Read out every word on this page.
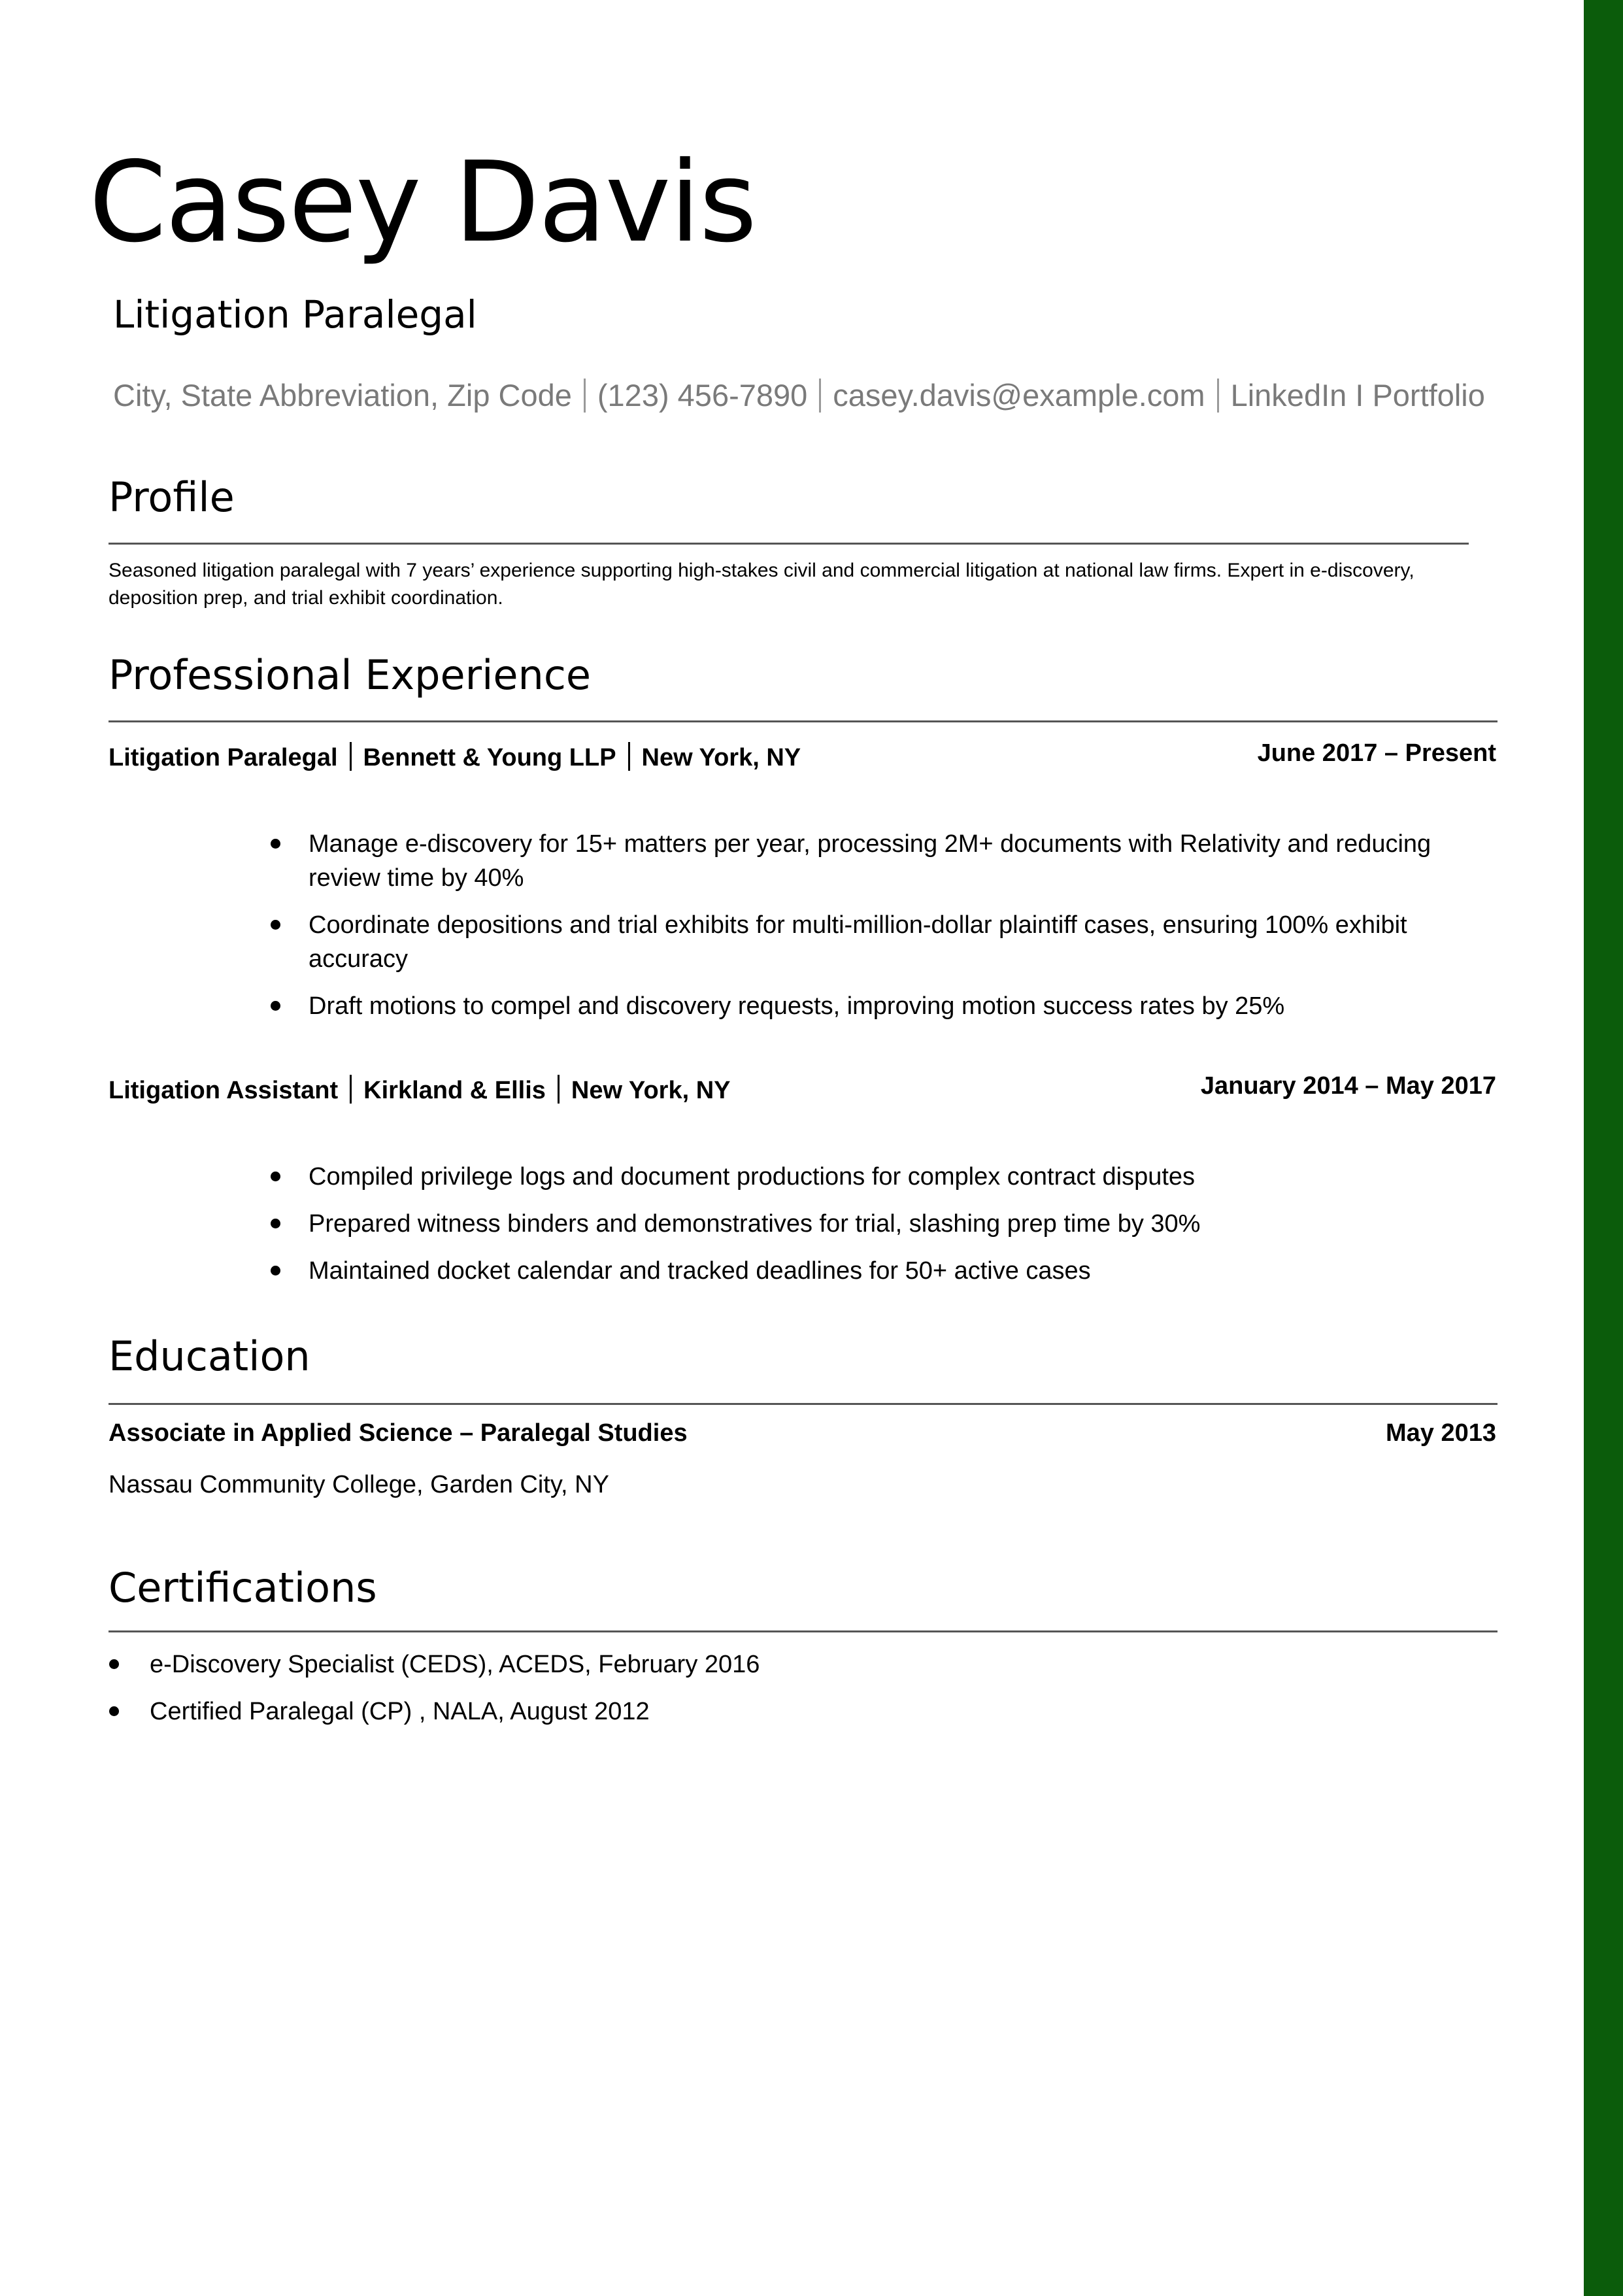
Casey Davis
Litigation Paralegal
City, State Abbreviation, Zip Code (123) 456-7890 casey.davis@example.com LinkedIn I Portfolio
Profile
Seasoned litigation paralegal with 7 years’ experience supporting high-stakes civil and commercial litigation at national law firms. Expert in e-discovery, deposition prep, and trial exhibit coordination.
Professional Experience
Litigation Paralegal Bennett & Young LLP New York, NY	June 2017 – Present
Manage e-discovery for 15+ matters per year, processing 2M+ documents with Relativity and reducing review time by 40%
Coordinate depositions and trial exhibits for multi-million-dollar plaintiff cases, ensuring 100% exhibit accuracy
Draft motions to compel and discovery requests, improving motion success rates by 25%
Litigation Assistant Kirkland & Ellis New York, NY	January 2014 – May 2017
Compiled privilege logs and document productions for complex contract disputes
Prepared witness binders and demonstratives for trial, slashing prep time by 30%
Maintained docket calendar and tracked deadlines for 50+ active cases
Education
Associate in Applied Science – Paralegal Studies	May 2013
Nassau Community College, Garden City, NY
Certifications
e-Discovery Specialist (CEDS), ACEDS, February 2016
Certified Paralegal (CP) , NALA, August 2012
